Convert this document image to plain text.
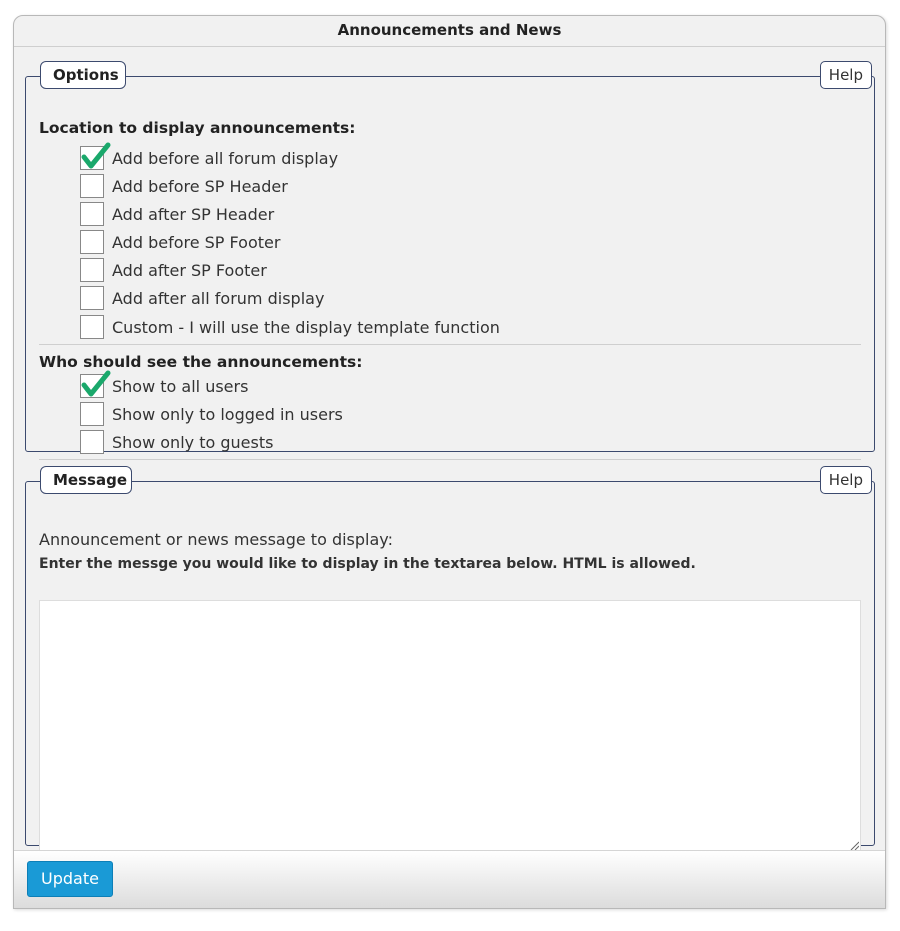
Announcements and News
Options	Help
Location to display announcements:
Add before all forum display
Add before SP Header
Add after SP Header
Add before SP Footer
Add after SP Footer
Add after all forum display
Custom - I will use the display template function
Who should see the announcements:
Show to all users
Show only to logged in users
Show only to guests
Message	Help
Announcement or news message to display:
Enter the messge you would like to display in the textarea below. HTML is allowed.
Update
